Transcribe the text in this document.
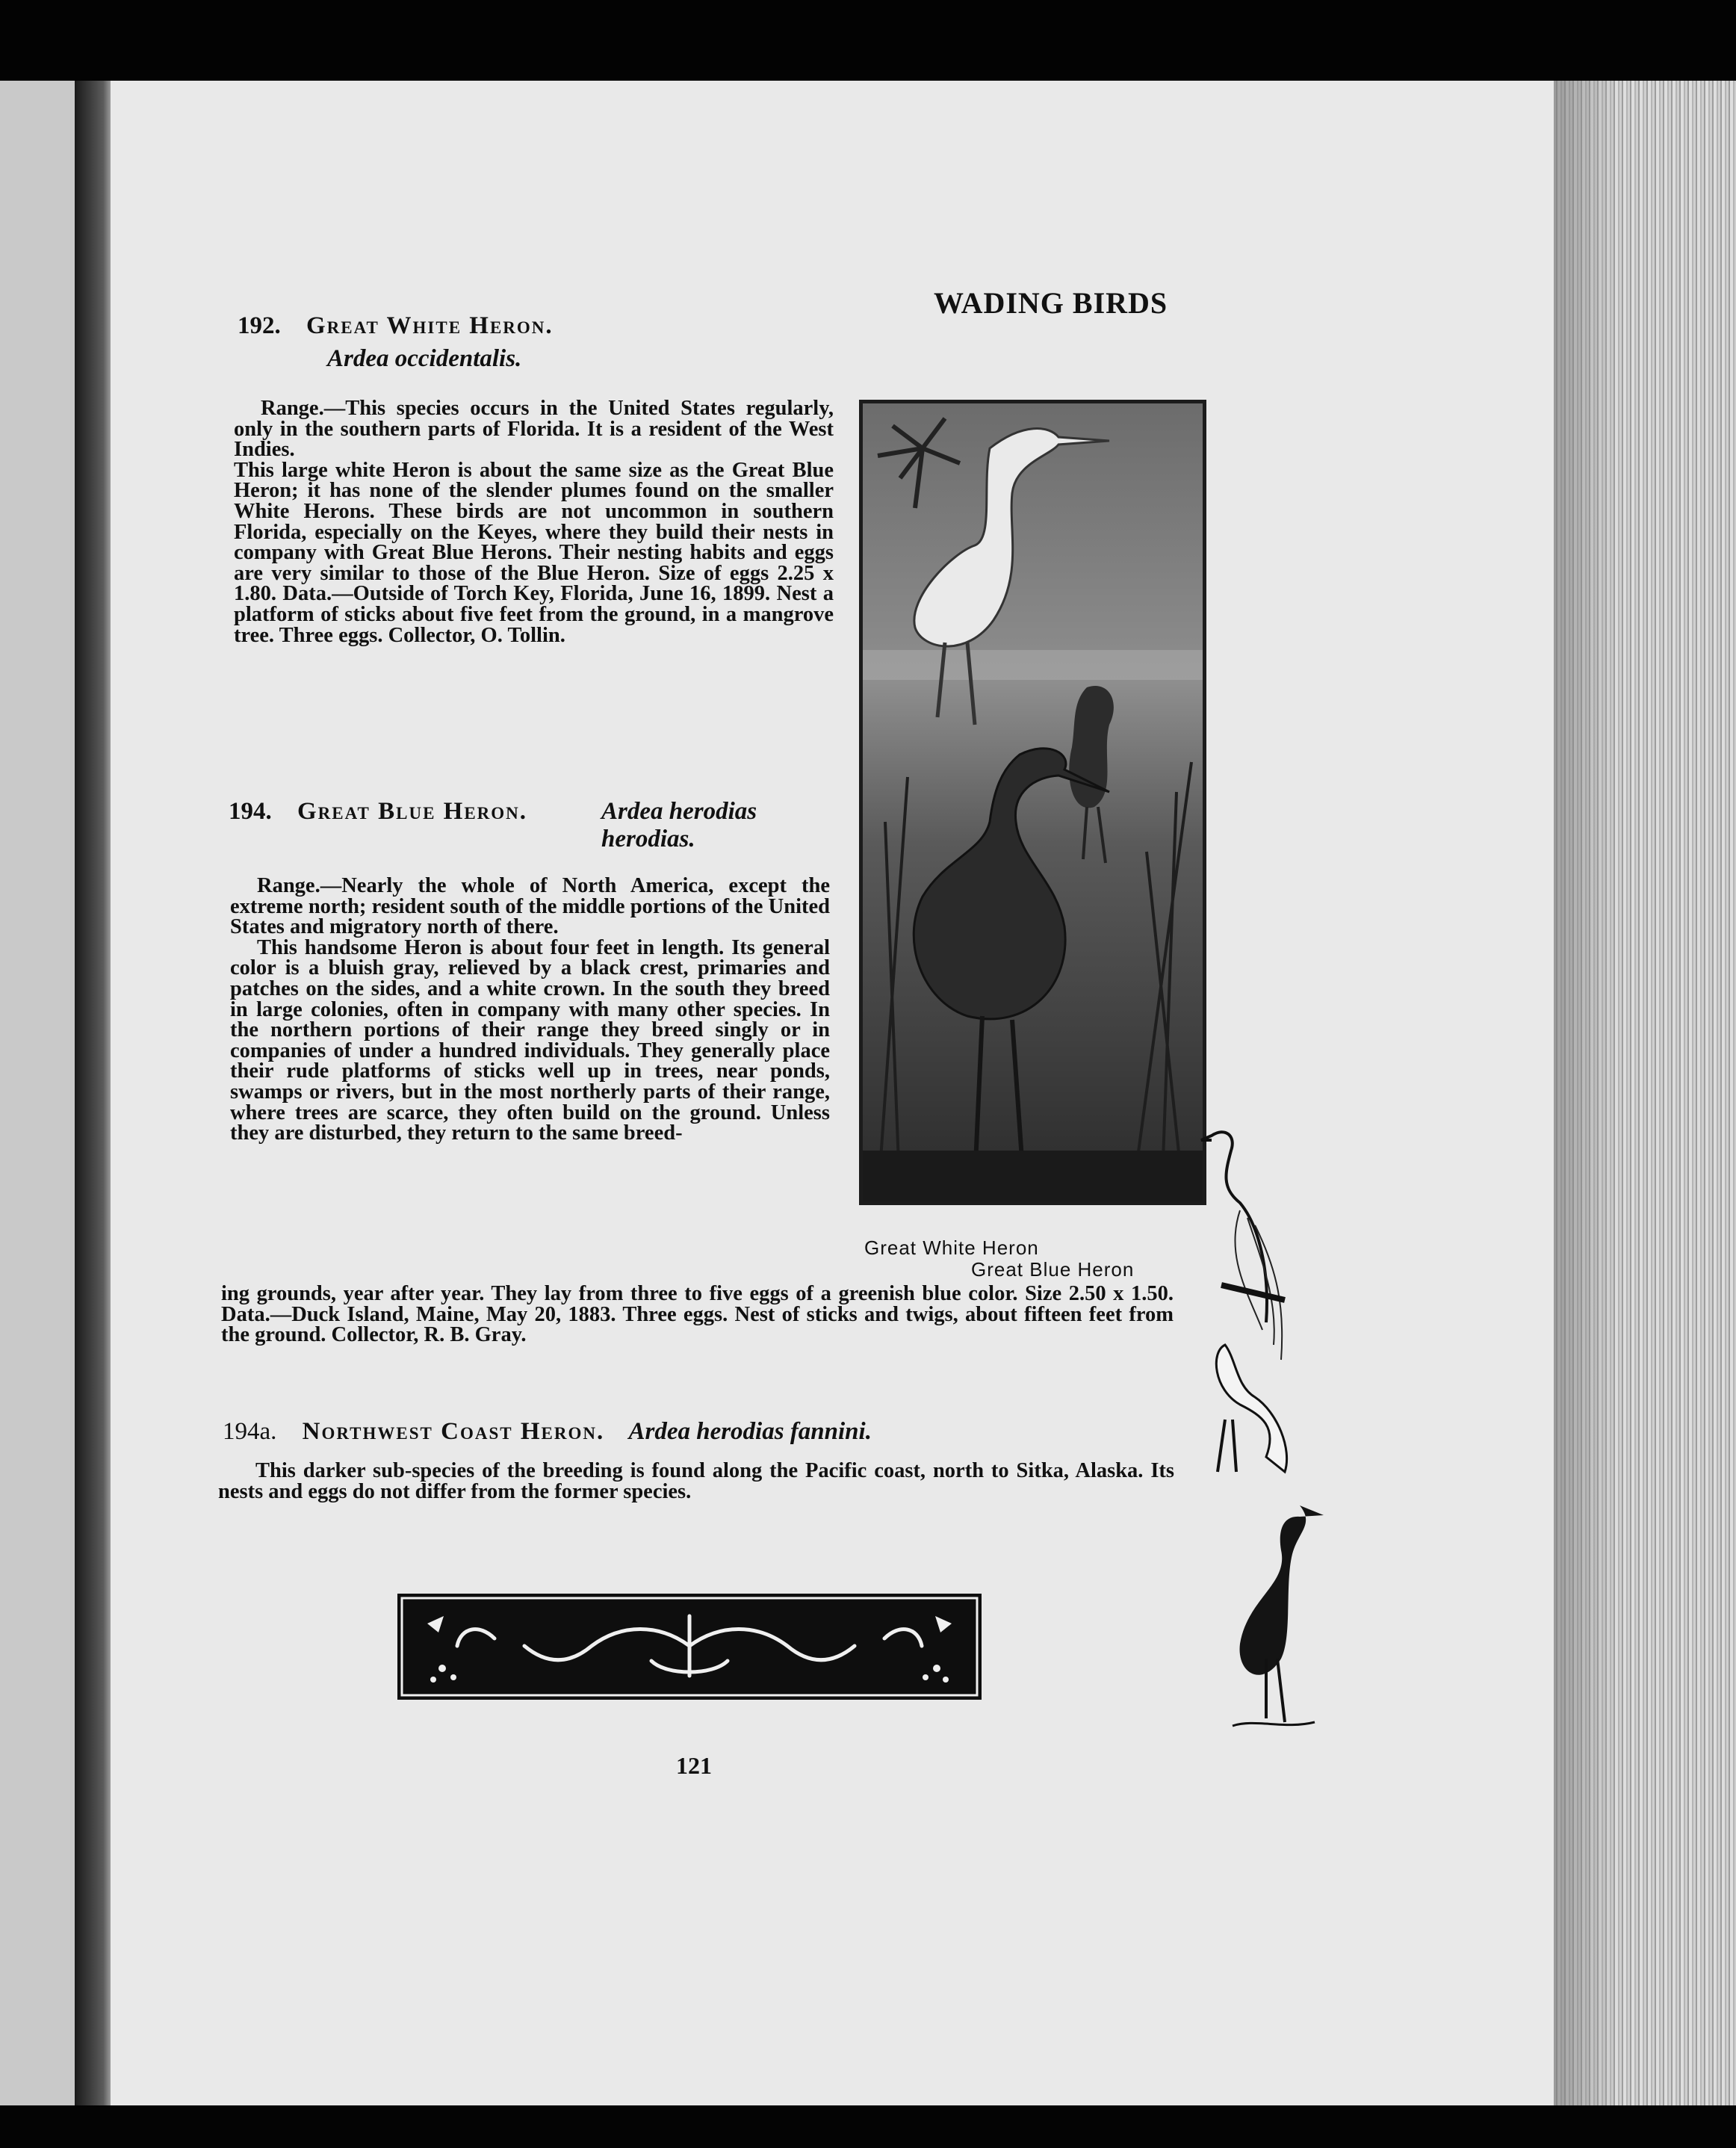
WADING BIRDS
192. Great White Heron.
Ardea occidentalis.

Range.—This species occurs in the United States regularly, only in the southern parts of Florida. It is a resident of the West Indies.

This large white Heron is about the same size as the Great Blue Heron; it has none of the slender plumes found on the smaller White Herons. These birds are not uncommon in southern Florida, especially on the Keyes, where they build their nests in company with Great Blue Herons. Their nesting habits and eggs are very similar to those of the Blue Heron. Size of eggs 2.25 x 1.80. Data.—Outside of Torch Key, Florida, June 16, 1899. Nest a platform of sticks about five feet from the ground, in a mangrove tree. Three eggs. Collector, O. Tollin.

194. Great Blue Heron.	Ardea herodias herodias.

Range.—Nearly the whole of North America, except the extreme north; resident south of the middle portions of the United States and migratory north of there.

This handsome Heron is about four feet in length. Its general color is a bluish gray, relieved by a black crest, primaries and patches on the sides, and a white crown. In the south they breed in large colonies, often in company with many other species. In the northern portions of their range they breed singly or in companies of under a hundred individuals. They generally place their rude platforms of sticks well up in trees, near ponds, swamps or rivers, but in the most northerly parts of their range, where trees are scarce, they often build on the ground. Unless they are disturbed, they return to the same breed-

ing grounds, year after year. They lay from three to five eggs of a greenish blue color. Size 2.50 x 1.50. Data.—Duck Island, Maine, May 20, 1883. Three eggs. Nest of sticks and twigs, about fifteen feet from the ground. Collector, R. B. Gray.

194a. Northwest Coast Heron. Ardea herodias fannini.

This darker sub-species of the breeding is found along the Pacific coast, north to Sitka, Alaska. Its nests and eggs do not differ from the former species.

Great White Heron
Great Blue Heron
121
